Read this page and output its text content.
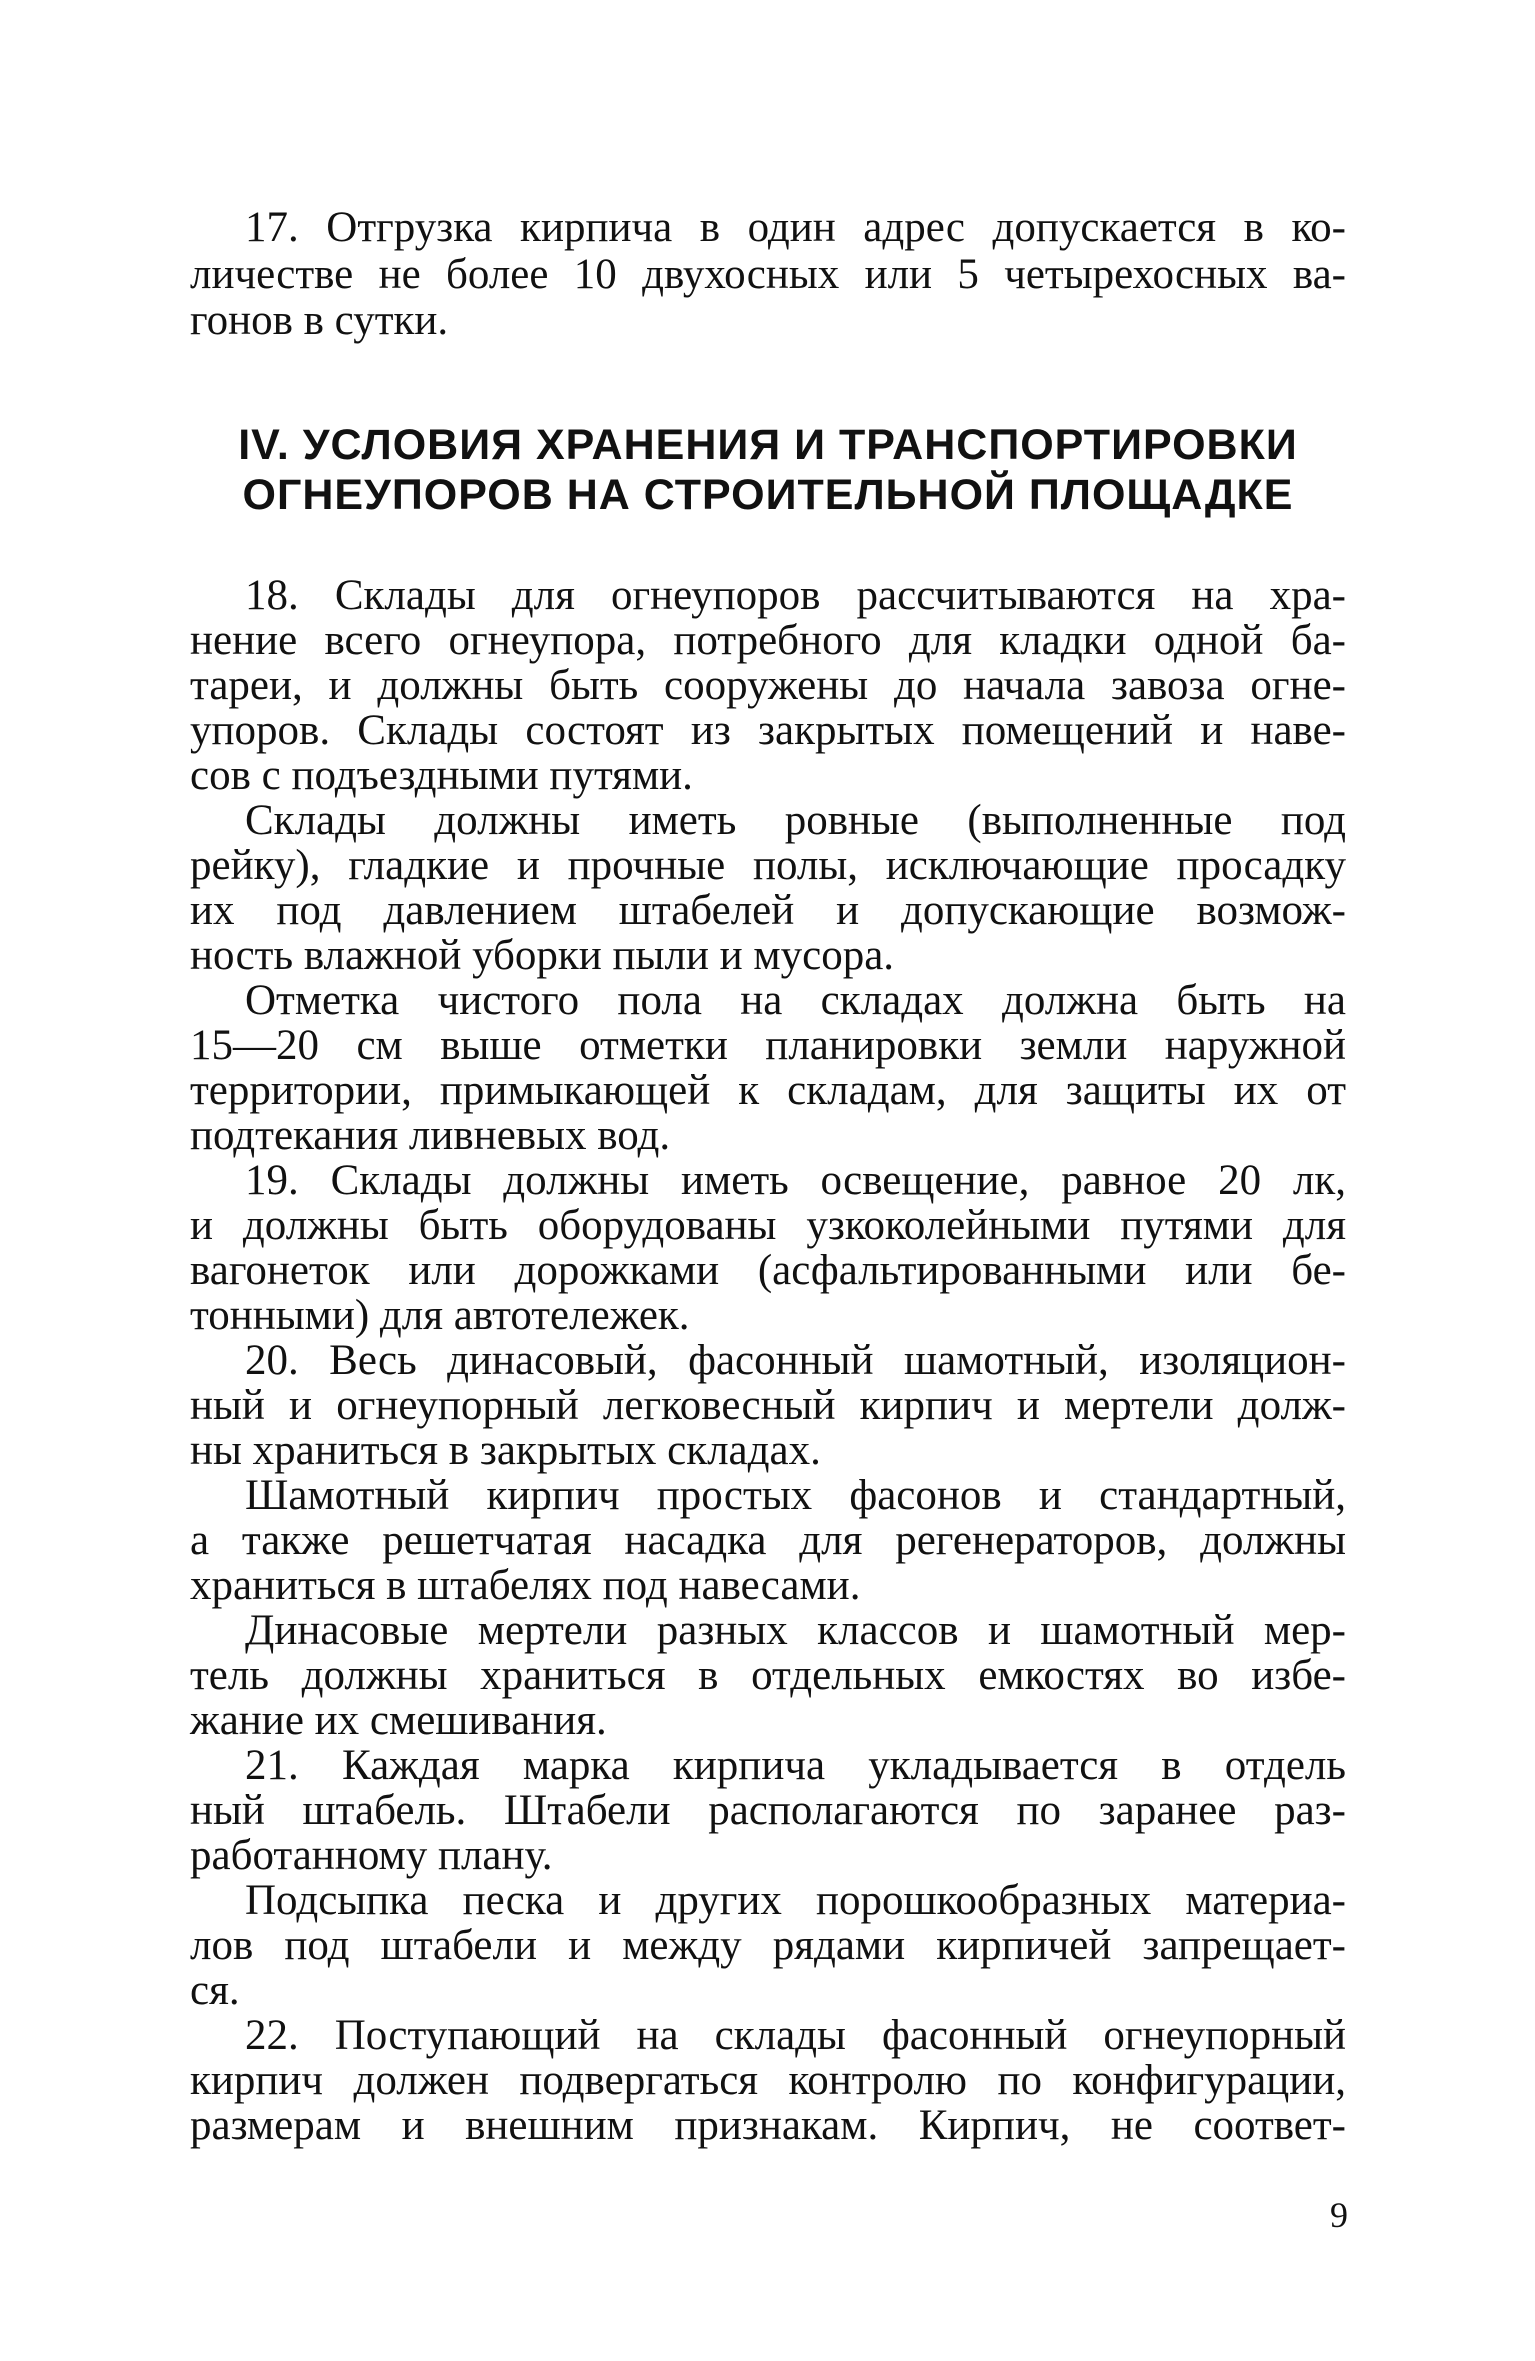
17. Отгрузка кирпича в один адрес допускается в ко-
личестве не более 10 двухосных или 5 четырехосных ва-
гонов в сутки.
IV. УСЛОВИЯ ХРАНЕНИЯ И ТРАНСПОРТИРОВКИ
ОГНЕУПОРОВ НА СТРОИТЕЛЬНОЙ ПЛОЩАДКЕ
18. Склады для огнеупоров рассчитываются на хра-
нение всего огнеупора, потребного для кладки одной ба-
тареи, и должны быть сооружены до начала завоза огне-
упоров. Склады состоят из закрытых помещений и наве-
сов с подъездными путями.
Склады должны иметь ровные (выполненные под
рейку), гладкие и прочные полы, исключающие просадку
их под давлением штабелей и допускающие возмож-
ность влажной уборки пыли и мусора.
Отметка чистого пола на складах должна быть на
15—20 см выше отметки планировки земли наружной
территории, примыкающей к складам, для защиты их от
подтекания ливневых вод.
19. Склады должны иметь освещение, равное 20 лк,
и должны быть оборудованы узкоколейными путями для
вагонеток или дорожками (асфальтированными или бе-
тонными) для автотележек.
20. Весь динасовый, фасонный шамотный, изоляцион-
ный и огнеупорный легковесный кирпич и мертели долж-
ны храниться в закрытых складах.
Шамотный кирпич простых фасонов и стандартный,
а также решетчатая насадка для регенераторов, должны
храниться в штабелях под навесами.
Динасовые мертели разных классов и шамотный мер-
тель должны храниться в отдельных емкостях во избе-
жание их смешивания.
21. Каждая марка кирпича укладывается в отдель
ный штабель. Штабели располагаются по заранее раз-
работанному плану.
Подсыпка песка и других порошкообразных материа-
лов под штабели и между рядами кирпичей запрещает-
ся.
22. Поступающий на склады фасонный огнеупорный
кирпич должен подвергаться контролю по конфигурации,
размерам и внешним признакам. Кирпич, не соответ-
9
